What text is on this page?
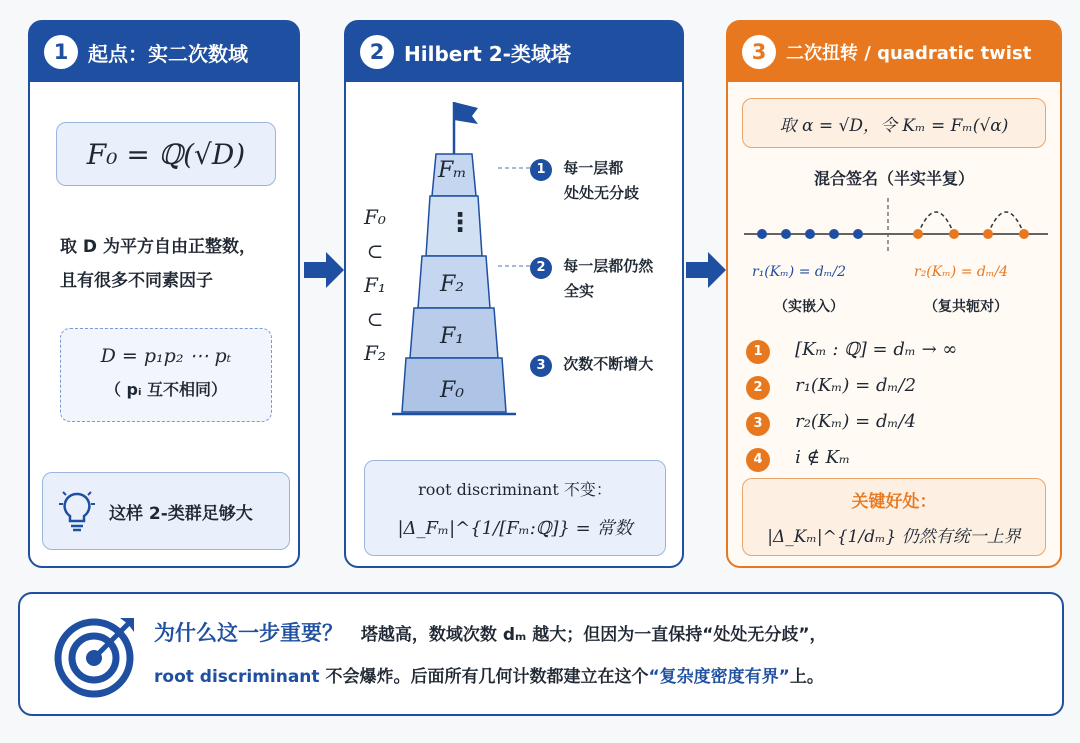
1 起点：实二次数域
F₀ = ℚ(√D)
取 D 为平方自由正整数，
且有很多不同素因子
D = p₁p₂ ⋯ pₜ
（ pᵢ 互不相同）
这样 2-类群足够大
2 Hilbert 2-类域塔
Fₘ
⋮
F₂
F₁
F₀
F₀
⊂
F₁
⊂
F₂
1 每一层都
处处无分歧
2 每一层都仍然
全实
3 次数不断增大
root discriminant 不变：
|Δ_Fₘ|^{1/[Fₘ:ℚ]} = 常数
3	二次扭转 / quadratic twist
取 α = √D，令 Kₘ = Fₘ(√α)
混合签名（半实半复）
r₁(Kₘ) = dₘ/2
（实嵌入）
r₂(Kₘ) = dₘ/4
（复共轭对）
1 [Kₘ : ℚ] = dₘ → ∞
2 r₁(Kₘ) = dₘ/2
3 r₂(Kₘ) = dₘ/4
4 i ∉ Kₘ
关键好处：
|Δ_Kₘ|^{1/dₘ} 仍然有统一上界
为什么这一步重要？ 塔越高，数域次数 dₘ 越大；但因为一直保持“处处无分歧”，
root discriminant 不会爆炸。后面所有几何计数都建立在这个“复杂度密度有界”上。
